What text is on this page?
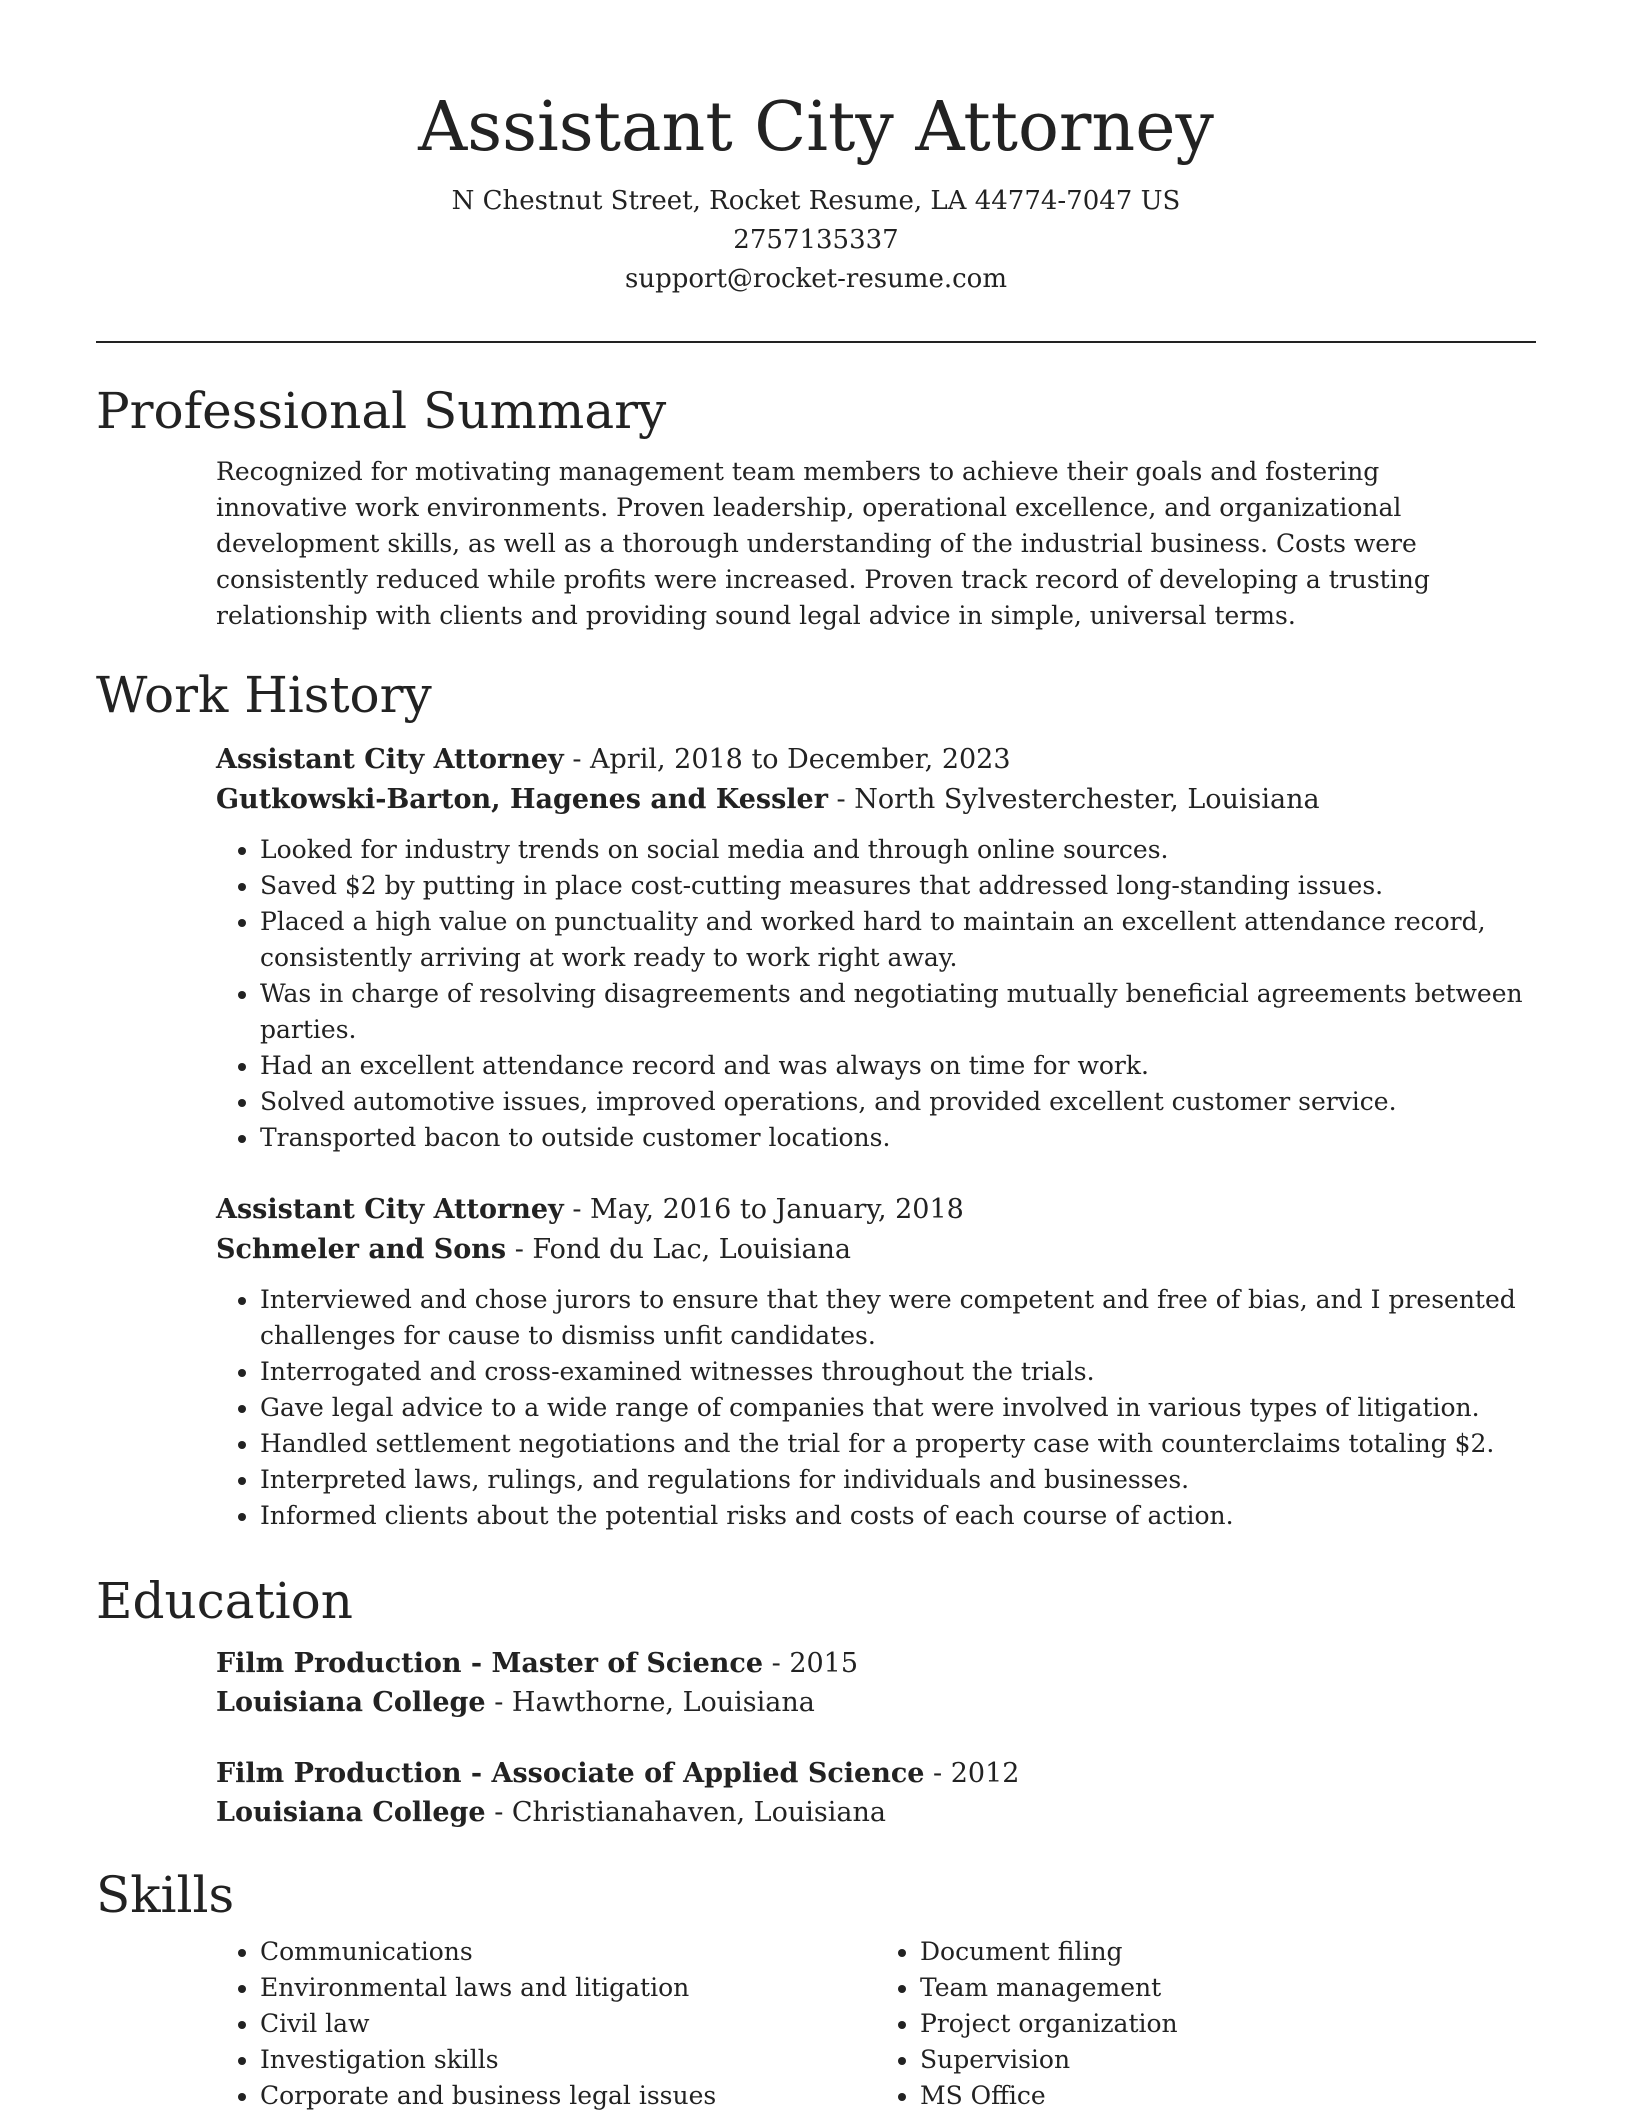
Assistant City Attorney
N Chestnut Street, Rocket Resume, LA 44774-7047 US
2757135337
support@rocket-resume.com
Professional Summary
Recognized for motivating management team members to achieve their goals and fostering innovative work environments. Proven leadership, operational excellence, and organizational development skills, as well as a thorough understanding of the industrial business. Costs were consistently reduced while profits were increased. Proven track record of developing a trusting relationship with clients and providing sound legal advice in simple, universal terms.
Work History
Assistant City Attorney - April, 2018 to December, 2023
Gutkowski-Barton, Hagenes and Kessler - North Sylvesterchester, Louisiana
• Looked for industry trends on social media and through online sources.
• Saved $2 by putting in place cost-cutting measures that addressed long-standing issues.
• Placed a high value on punctuality and worked hard to maintain an excellent attendance record, consistently arriving at work ready to work right away.
• Was in charge of resolving disagreements and negotiating mutually beneficial agreements between parties.
• Had an excellent attendance record and was always on time for work.
• Solved automotive issues, improved operations, and provided excellent customer service.
• Transported bacon to outside customer locations.
Assistant City Attorney - May, 2016 to January, 2018
Schmeler and Sons - Fond du Lac, Louisiana
• Interviewed and chose jurors to ensure that they were competent and free of bias, and I presented challenges for cause to dismiss unfit candidates.
• Interrogated and cross-examined witnesses throughout the trials.
• Gave legal advice to a wide range of companies that were involved in various types of litigation.
• Handled settlement negotiations and the trial for a property case with counterclaims totaling $2.
• Interpreted laws, rulings, and regulations for individuals and businesses.
• Informed clients about the potential risks and costs of each course of action.
Education
Film Production - Master of Science - 2015
Louisiana College - Hawthorne, Louisiana
Film Production - Associate of Applied Science - 2012
Louisiana College - Christianahaven, Louisiana
Skills
• Communications
• Environmental laws and litigation
• Civil law
• Investigation skills
• Corporate and business legal issues
• Document filing
• Team management
• Project organization
• Supervision
• MS Office
